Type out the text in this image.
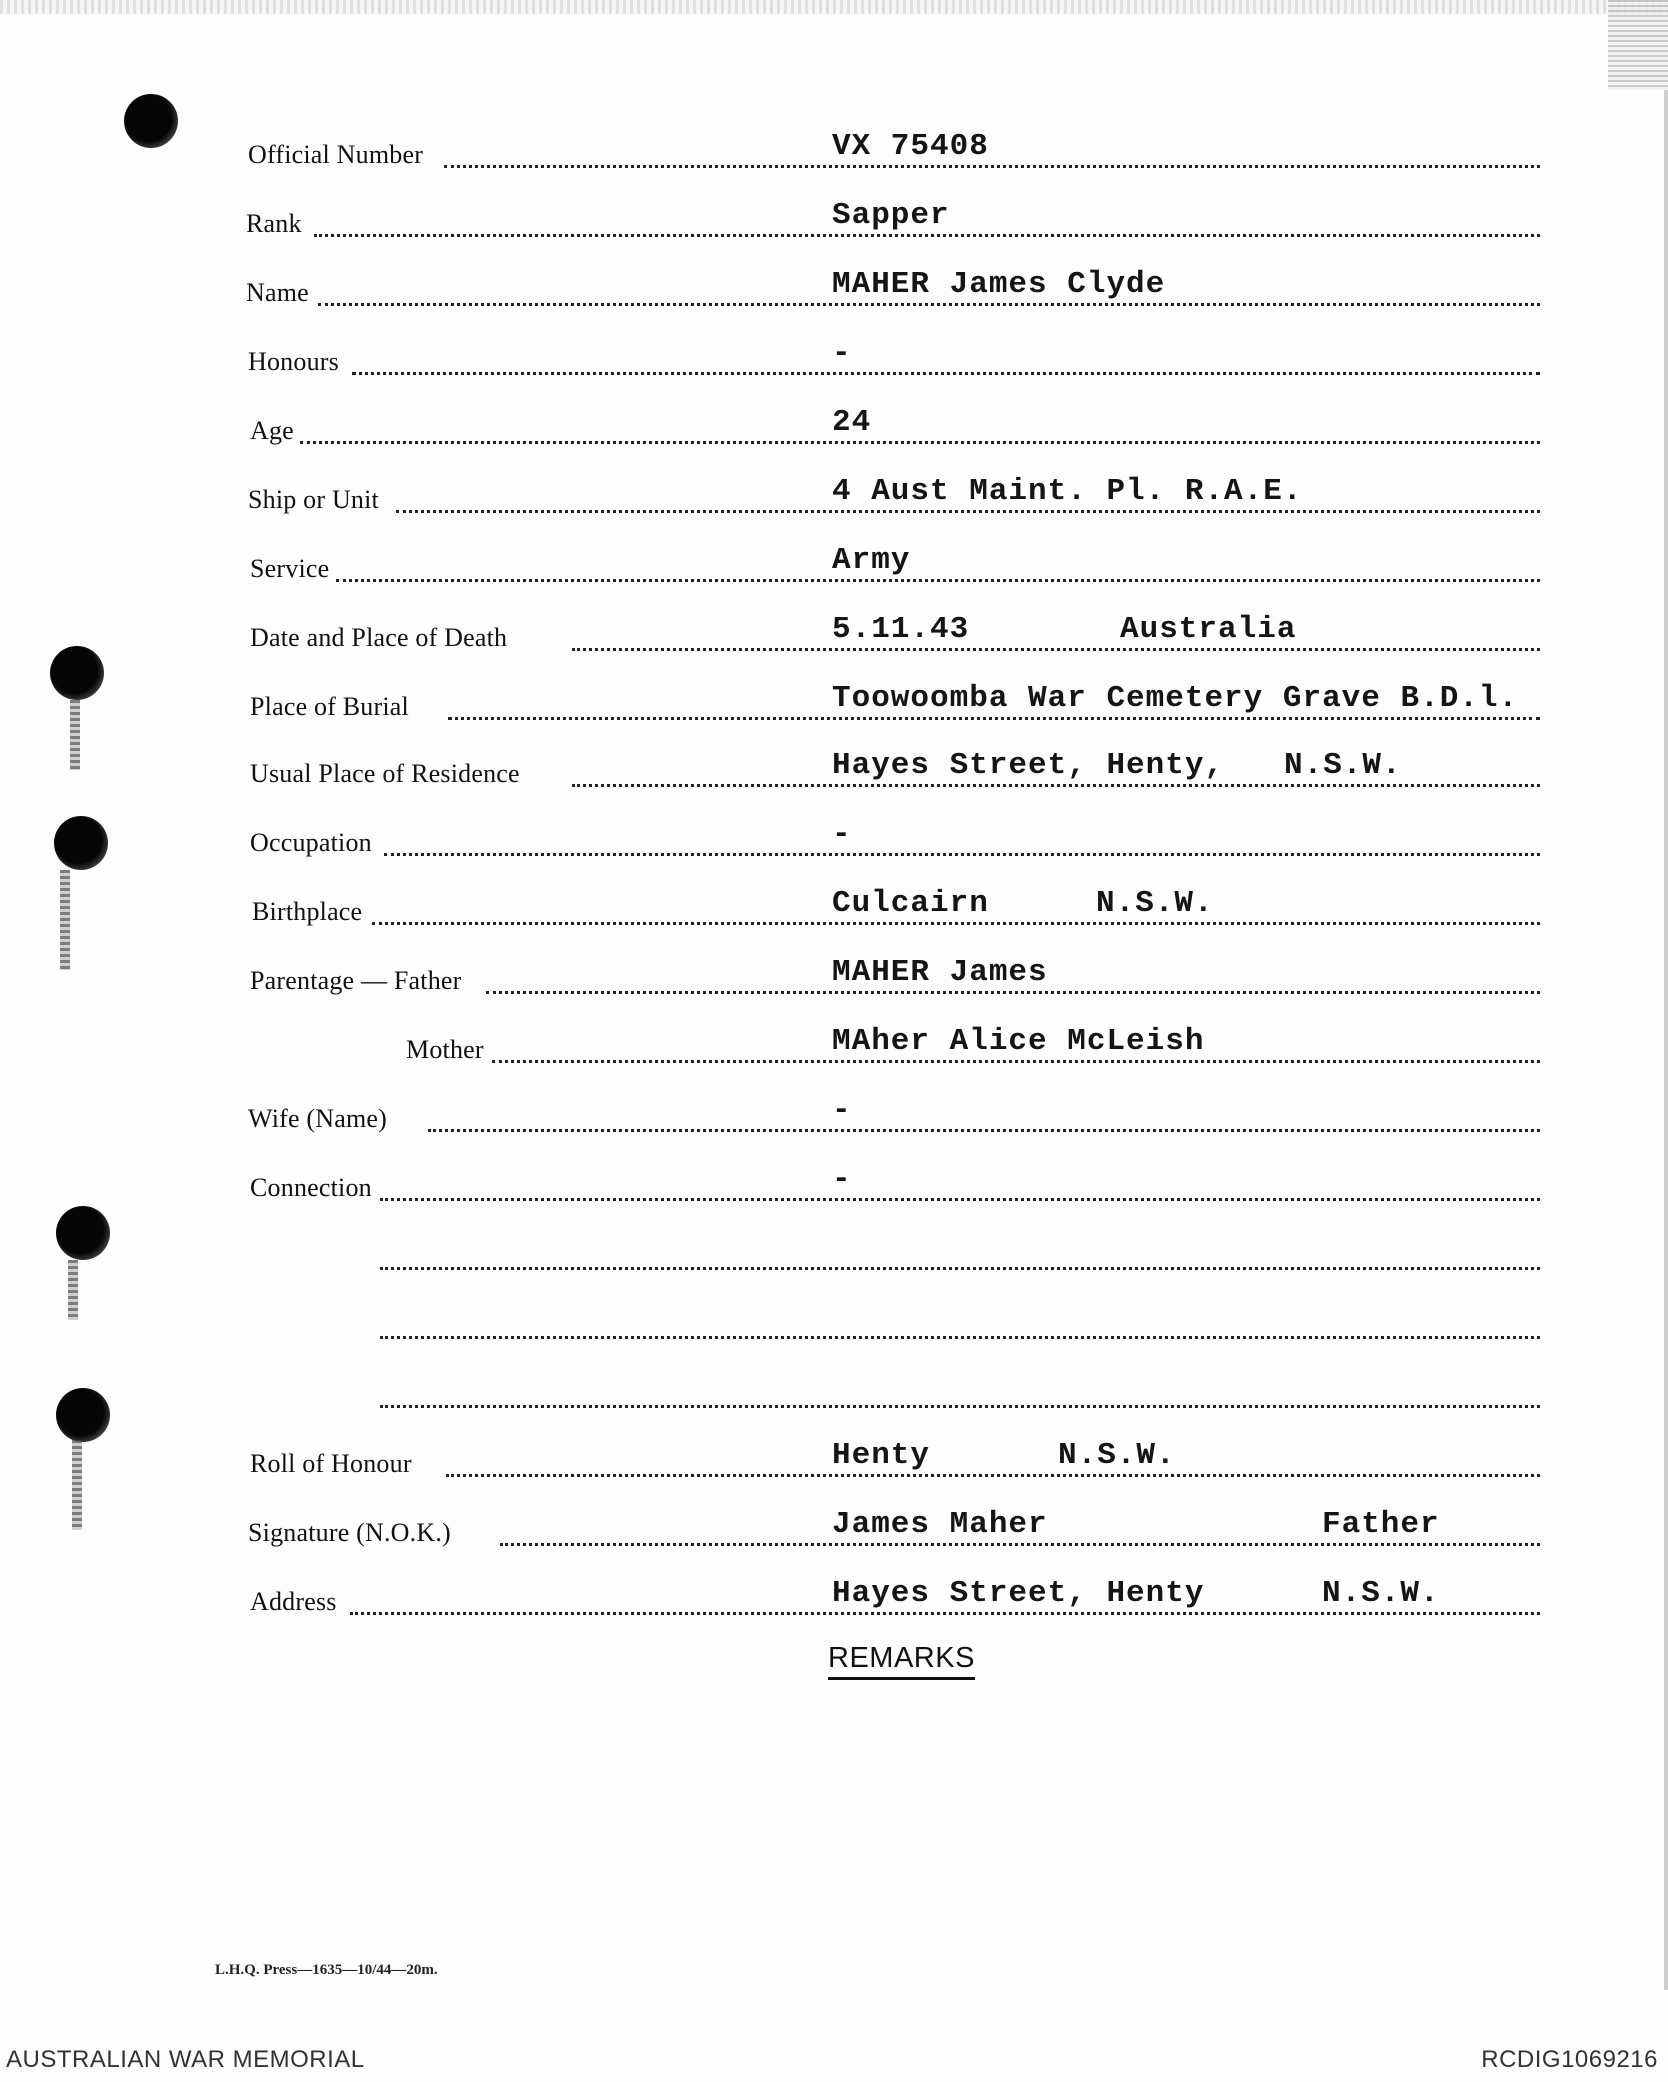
Official Number	VX 75408
Rank	Sapper
Name	MAHER James Clyde
Honours	-
Age	24
Ship or Unit	4 Aust Maint. Pl. R.A.E.
Service	Army
Date and Place of Death	5.11.43	Australia
Place of Burial	Toowoomba War Cemetery Grave B.D.l.
Usual Place of Residence	Hayes Street, Henty, N.S.W.
Occupation	-
Birthplace	Culcairn	N.S.W.
Parentage — Father	MAHER James
Mother	MAher Alice McLeish
Wife (Name)	-
Connection	-
Roll of Honour	Henty	N.S.W.
Signature (N.O.K.)	James Maher	Father
Address	Hayes Street, Henty	N.S.W.
REMARKS
L.H.Q. Press—1635—10/44—20m.
AUSTRALIAN WAR MEMORIAL	RCDIG1069216
